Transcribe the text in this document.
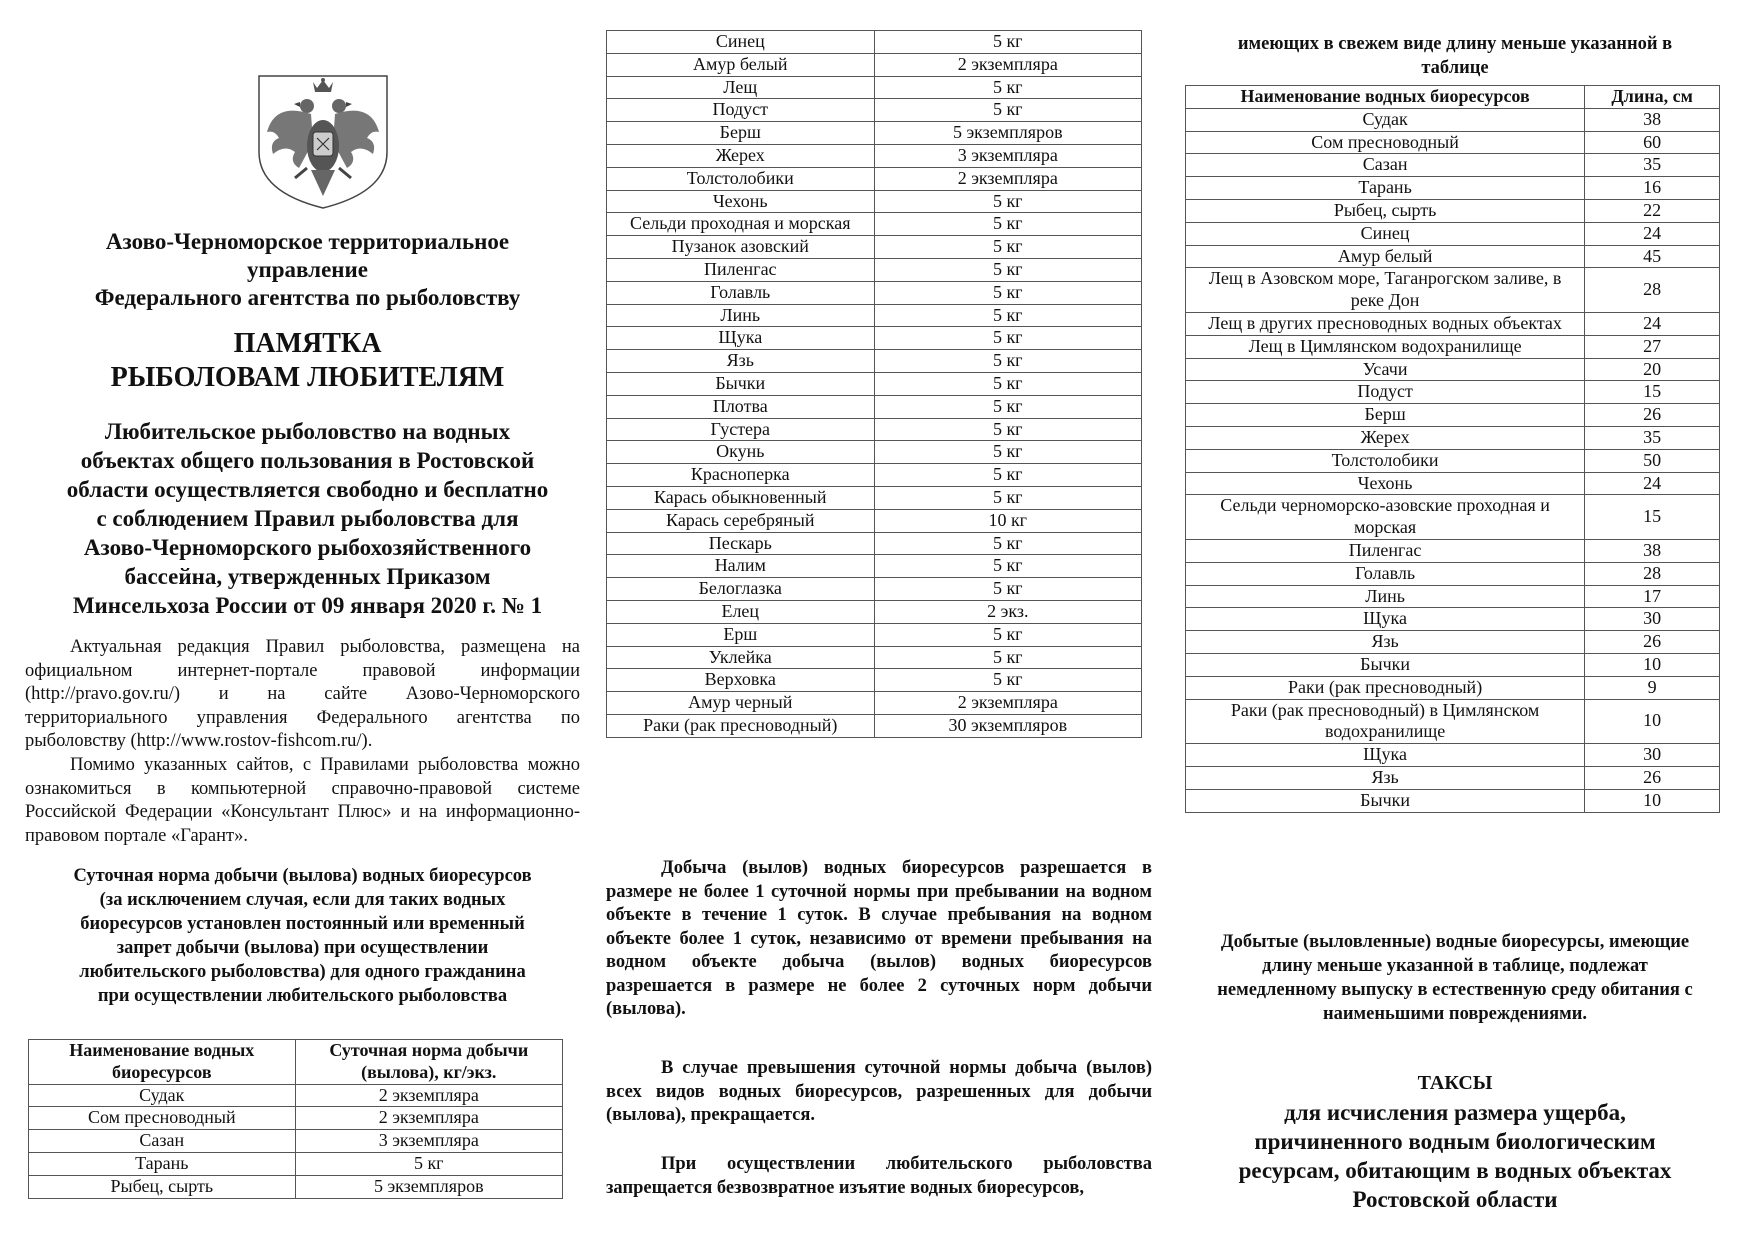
Азово-Черноморское территориальное
управление
Федерального агентства по рыболовству
ПАМЯТКА
РЫБОЛОВАМ ЛЮБИТЕЛЯМ
Любительское рыболовство на водных
объектах общего пользования в Ростовской
области осуществляется свободно и бесплатно
с соблюдением Правил рыболовства для
Азово-Черноморского рыбохозяйственного
бассейна, утвержденных Приказом
Минсельхоза России от 09 января 2020 г. № 1

Актуальная редакция Правил рыболовства, размещена на официальном интернет-портале правовой информации (http://pravo.gov.ru/) и на сайте Азово-Черноморского территориального управления Федерального агентства по рыболовству (http://www.rostov-fishcom.ru/).

Помимо указанных сайтов, с Правилами рыболовства можно ознакомиться в компьютерной справочно-правовой системе Российской Федерации «Консультант Плюс» и на информационно-правовом портале «Гарант».

Суточная норма добычи (вылова) водных биоресурсов
(за исключением случая, если для таких водных
биоресурсов установлен постоянный или временный
запрет добычи (вылова) при осуществлении
любительского рыболовства) для одного гражданина
при осуществлении любительского рыболовства
Наименование водных биоресурсов	Суточная норма добычи (вылова), кг/экз.
Судак	2 экземпляра
Сом пресноводный	2 экземпляра
Сазан	3 экземпляра
Тарань	5 кг
Рыбец, сырть	5 экземпляров
Синец	5 кг
Амур белый	2 экземпляра
Лещ	5 кг
Подуст	5 кг
Берш	5 экземпляров
Жерех	3 экземпляра
Толстолобики	2 экземпляра
Чехонь	5 кг
Сельди проходная и морская	5 кг
Пузанок азовский	5 кг
Пиленгас	5 кг
Голавль	5 кг
Линь	5 кг
Щука	5 кг
Язь	5 кг
Бычки	5 кг
Плотва	5 кг
Густера	5 кг
Окунь	5 кг
Красноперка	5 кг
Карась обыкновенный	5 кг
Карась серебряный	10 кг
Пескарь	5 кг
Налим	5 кг
Белоглазка	5 кг
Елец	2 экз.
Ерш	5 кг
Уклейка	5 кг
Верховка	5 кг
Амур черный	2 экземпляра
Раки (рак пресноводный)	30 экземпляров
Добыча (вылов) водных биоресурсов разрешается в размере не более 1 суточной нормы при пребывании на водном объекте в течение 1 суток. В случае пребывания на водном объекте более 1 суток, независимо от времени пребывания на водном объекте добыча (вылов) водных биоресурсов разрешается в размере не более 2 суточных норм добычи (вылова).
В случае превышения суточной нормы добыча (вылов) всех видов водных биоресурсов, разрешенных для добычи (вылова), прекращается.
При осуществлении любительского рыболовства запрещается безвозвратное изъятие водных биоресурсов,
имеющих в свежем виде длину меньше указанной в
таблице
Наименование водных биоресурсов	Длина, см
Судак	38
Сом пресноводный	60
Сазан	35
Тарань	16
Рыбец, сырть	22
Синец	24
Амур белый	45
Лещ в Азовском море, Таганрогском заливе, в реке Дон	28
Лещ в других пресноводных водных объектах	24
Лещ в Цимлянском водохранилище	27
Усачи	20
Подуст	15
Берш	26
Жерех	35
Толстолобики	50
Чехонь	24
Сельди черноморско-азовские проходная и морская	15
Пиленгас	38
Голавль	28
Линь	17
Щука	30
Язь	26
Бычки	10
Раки (рак пресноводный)	9
Раки (рак пресноводный) в Цимлянском водохранилище	10
Щука	30
Язь	26
Бычки	10
Добытые (выловленные) водные биоресурсы, имеющие
длину меньше указанной в таблице, подлежат
немедленному выпуску в естественную среду обитания с
наименьшими повреждениями.
ТАКСЫ
для исчисления размера ущерба,
причиненного водным биологическим
ресурсам, обитающим в водных объектах
Ростовской области
